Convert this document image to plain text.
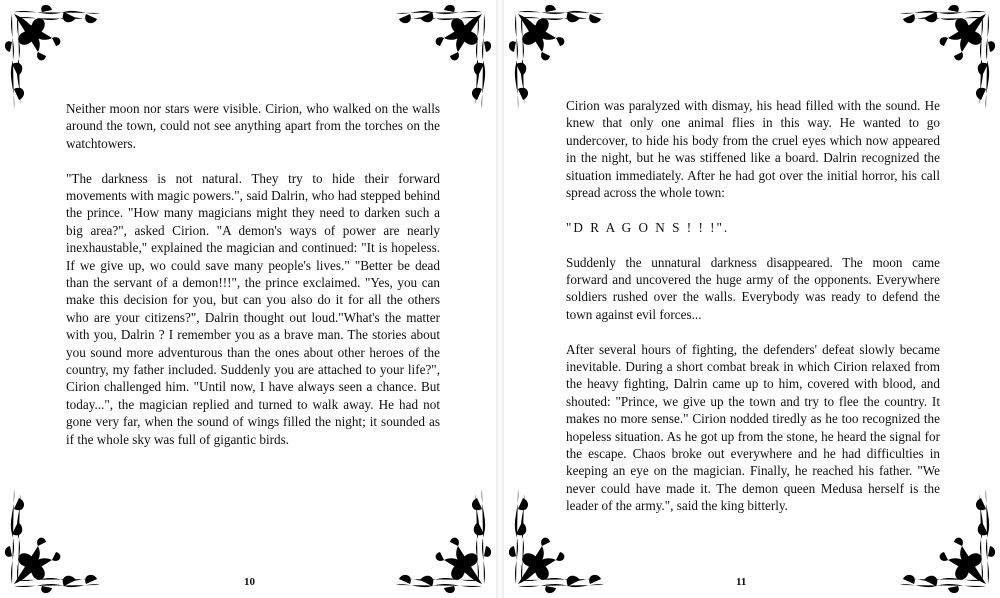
Neither moon nor stars were visible. Cirion, who walked on the walls around the town, could not see anything apart from the torches on the watchtowers.

"The darkness is not natural. They try to hide their forward movements with magic powers.", said Dalrin, who had stepped behind the prince. "How many magicians might they need to darken such a big area?", asked Cirion. "A demon's ways of power are nearly inexhaustable," explained the magician and continued: "It is hopeless. If we give up, wo could save many people's lives." "Better be dead than the servant of a demon!!!", the prince exclaimed. "Yes, you can make this decision for you, but can you also do it for all the others who are your citizens?", Dalrin thought out loud."What's the matter with you, Dalrin ? I remember you as a brave man. The stories about you sound more adventurous than the ones about other heroes of the country, my father included. Suddenly you are attached to your life?", Cirion challenged him. "Until now, I have always seen a chance. But today...", the magician replied and turned to walk away. He had not gone very far, when the sound of wings filled the night; it sounded as if the whole sky was full of gigantic birds.

10

Cirion was paralyzed with dismay, his head filled with the sound. He knew that only one animal flies in this way. He wanted to go undercover, to hide his body from the cruel eyes which now appeared in the night, but he was stiffened like a board. Dalrin recognized the situation immediately. After he had got over the initial horror, his call spread across the whole town:

"D R A G O N S ! ! !".

Suddenly the unnatural darkness disappeared. The moon came forward and uncovered the huge army of the opponents. Everywhere soldiers rushed over the walls. Everybody was ready to defend the town against evil forces...

After several hours of fighting, the defenders' defeat slowly became inevitable. During a short combat break in which Cirion relaxed from the heavy fighting, Dalrin came up to him, covered with blood, and shouted: "Prince, we give up the town and try to flee the country. It makes no more sense." Cirion nodded tiredly as he too recognized the hopeless situation. As he got up from the stone, he heard the signal for the escape. Chaos broke out everywhere and he had difficulties in keeping an eye on the magician. Finally, he reached his father. "We never could have made it. The demon queen Medusa herself is the leader of the army.", said the king bitterly.

11
